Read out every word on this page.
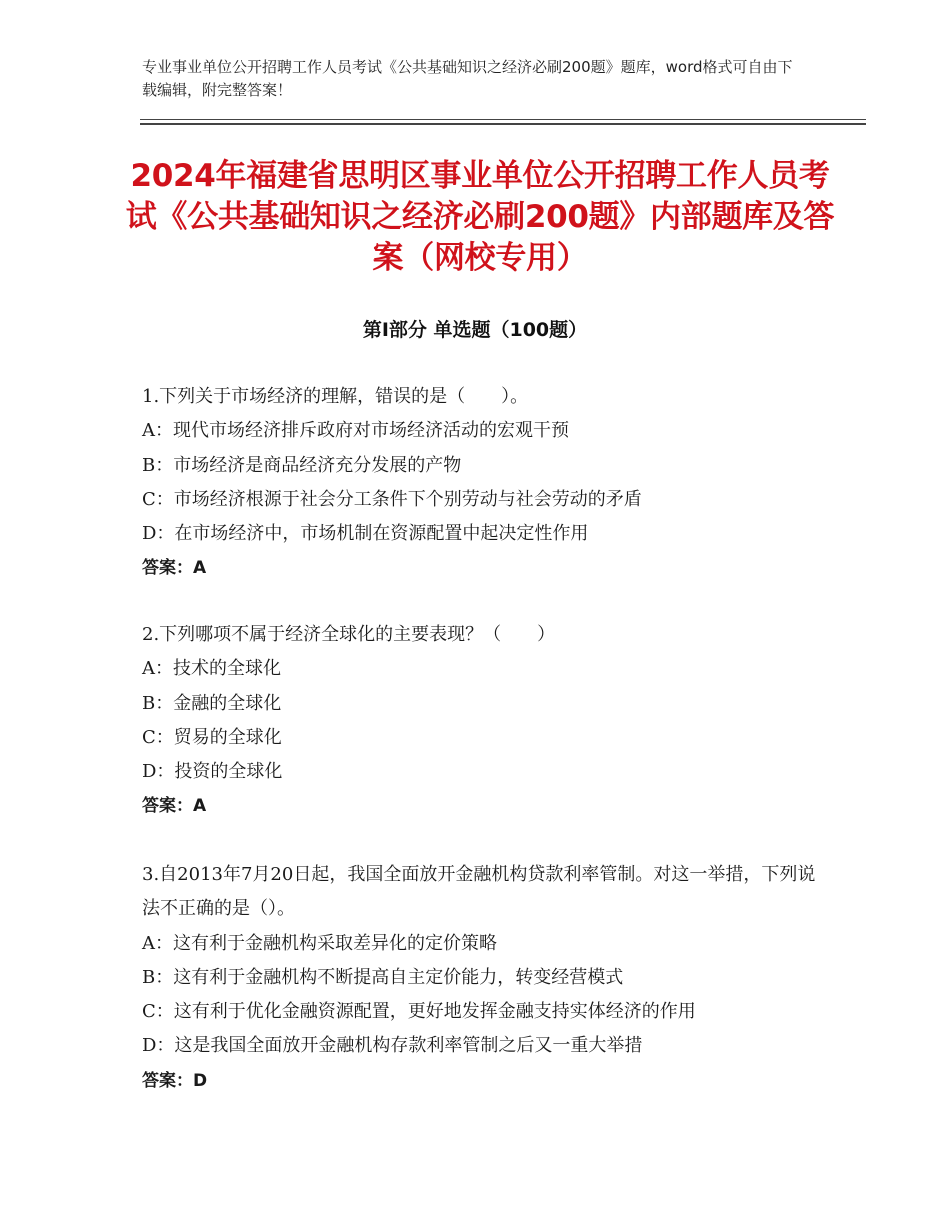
专业事业单位公开招聘工作人员考试《公共基础知识之经济必刷200题》题库，word格式可自由下载编辑，附完整答案！
2024年福建省思明区事业单位公开招聘工作人员考试《公共基础知识之经济必刷200题》内部题库及答案（网校专用）
第Ⅰ部分 单选题（100题）
1.下列关于市场经济的理解，错误的是（　　）。
A：现代市场经济排斥政府对市场经济活动的宏观干预
B：市场经济是商品经济充分发展的产物
C：市场经济根源于社会分工条件下个别劳动与社会劳动的矛盾
D：在市场经济中，市场机制在资源配置中起决定性作用
答案：A
2.下列哪项不属于经济全球化的主要表现？（　　）
A：技术的全球化
B：金融的全球化
C：贸易的全球化
D：投资的全球化
答案：A
3.自2013年7月20日起，我国全面放开金融机构贷款利率管制。对这一举措，下列说法不正确的是（）。
A：这有利于金融机构采取差异化的定价策略
B：这有利于金融机构不断提高自主定价能力，转变经营模式
C：这有利于优化金融资源配置，更好地发挥金融支持实体经济的作用
D：这是我国全面放开金融机构存款利率管制之后又一重大举措
答案：D
